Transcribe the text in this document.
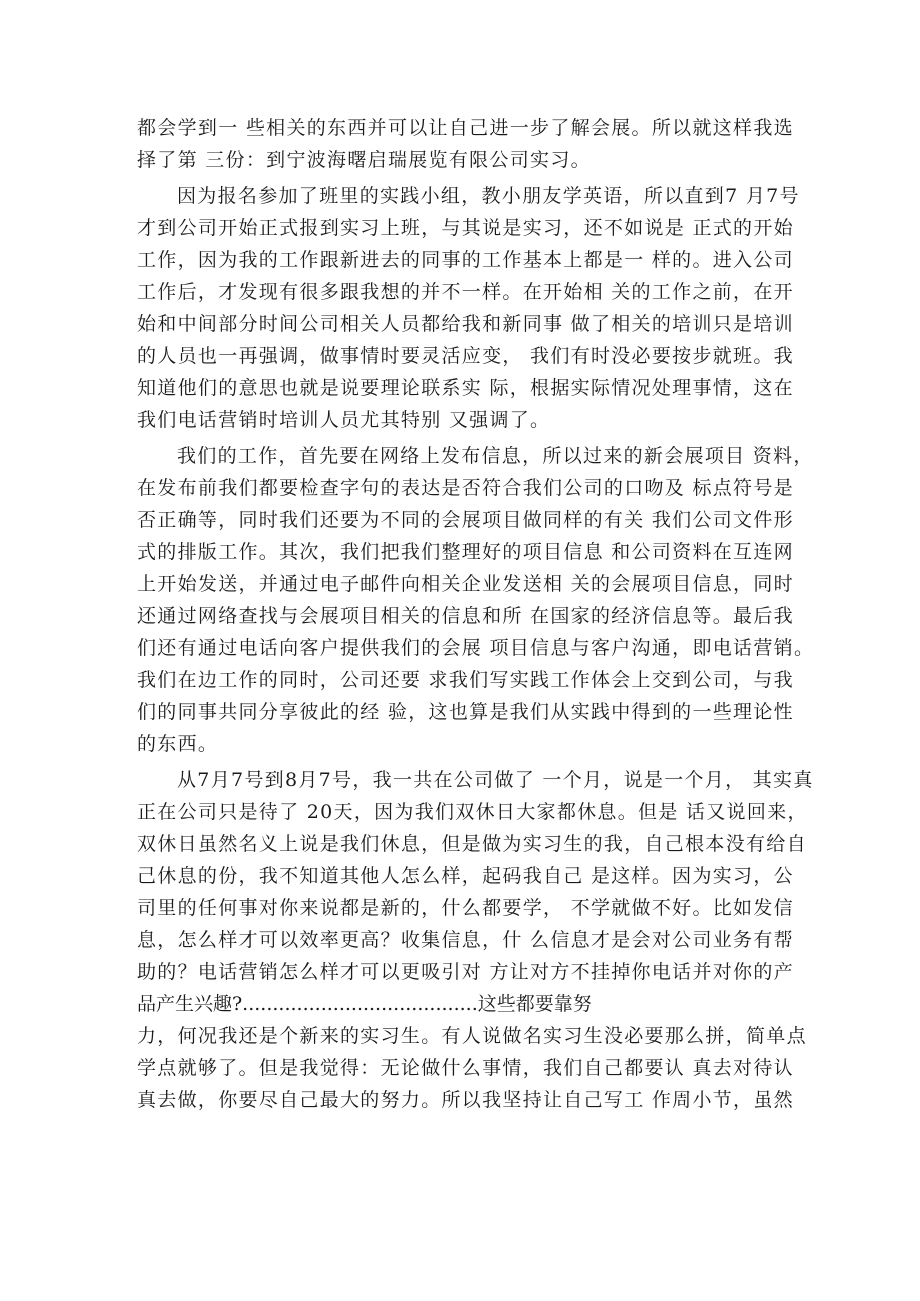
都会学到一 些相关的东西并可以让自己进一步了解会展。所以就这样我选
择了第 三份：到宁波海曙启瑞展览有限公司实习。
因为报名参加了班里的实践小组，教小朋友学英语，所以直到7 月7号
才到公司开始正式报到实习上班，与其说是实习，还不如说是 正式的开始
工作，因为我的工作跟新进去的同事的工作基本上都是一 样的。进入公司
工作后，才发现有很多跟我想的并不一样。在开始相 关的工作之前，在开
始和中间部分时间公司相关人员都给我和新同事 做了相关的培训只是培训
的人员也一再强调，做事情时要灵活应变， 我们有时没必要按步就班。我
知道他们的意思也就是说要理论联系实 际，根据实际情况处理事情，这在
我们电话营销时培训人员尤其特别 又强调了。
我们的工作，首先要在网络上发布信息，所以过来的新会展项目 资料，
在发布前我们都要检查字句的表达是否符合我们公司的口吻及 标点符号是
否正确等，同时我们还要为不同的会展项目做同样的有关 我们公司文件形
式的排版工作。其次，我们把我们整理好的项目信息 和公司资料在互连网
上开始发送，并通过电子邮件向相关企业发送相 关的会展项目信息，同时
还通过网络查找与会展项目相关的信息和所 在国家的经济信息等。最后我
们还有通过电话向客户提供我们的会展 项目信息与客户沟通，即电话营销。
我们在边工作的同时，公司还要 求我们写实践工作体会上交到公司，与我
们的同事共同分享彼此的经 验，这也算是我们从实践中得到的一些理论性
的东西。
从7月7号到8月7号，我一共在公司做了 一个月，说是一个月， 其实真
正在公司只是待了 20天，因为我们双休日大家都休息。但是 话又说回来，
双休日虽然名义上说是我们休息，但是做为实习生的我，自己根本没有给自
己休息的份，我不知道其他人怎么样，起码我自己 是这样。因为实习，公
司里的任何事对你来说都是新的，什么都要学， 不学就做不好。比如发信
息，怎么样才可以效率更高？收集信息，什 么信息才是会对公司业务有帮
助的？电话营销怎么样才可以更吸引对 方让对方不挂掉你电话并对你的产
品产生兴趣?.......................................这些都要靠努
力，何况我还是个新来的实习生。有人说做名实习生没必要那么拼，简单点
学点就够了。但是我觉得：无论做什么事情，我们自己都要认 真去对待认
真去做，你要尽自己最大的努力。所以我坚持让自己写工 作周小节，虽然
